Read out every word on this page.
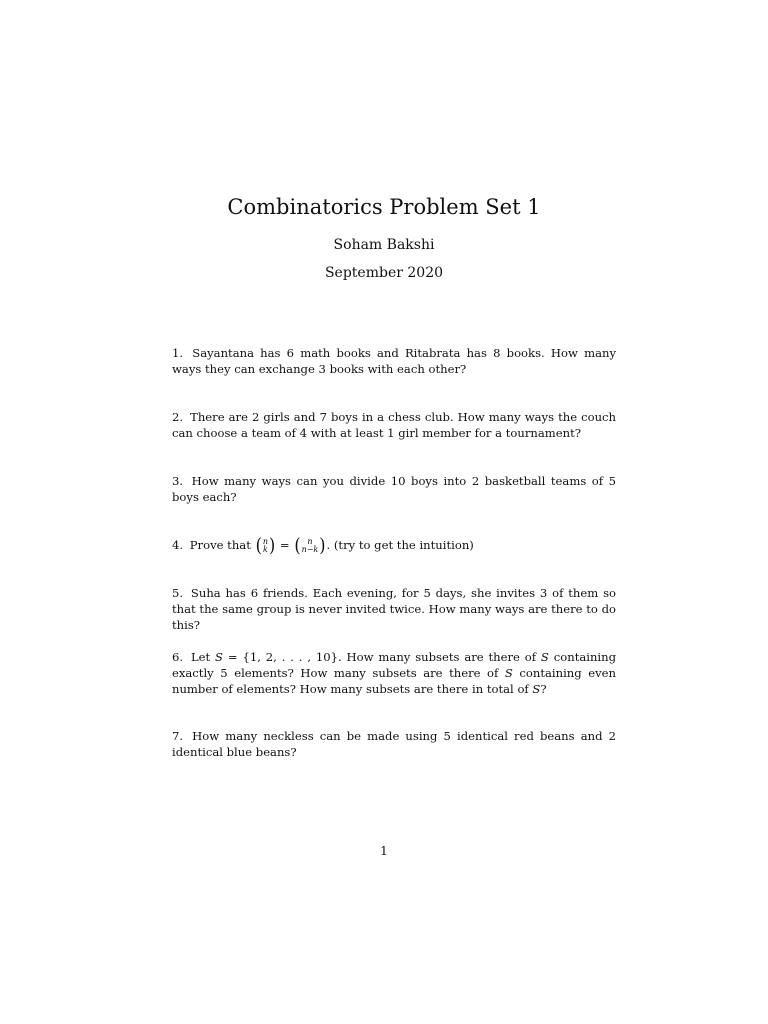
Combinatorics Problem Set 1
Soham Bakshi
September 2020

1. Sayantana has 6 math books and Ritabrata has 8 books. How many ways they can exchange 3 books with each other?

2. There are 2 girls and 7 boys in a chess club. How many ways the couch can choose a team of 4 with at least 1 girl member for a tournament?

3. How many ways can you divide 10 boys into 2 basketball teams of 5 boys each?

4. Prove that ( n
k ) = ( n
n−k ) . (try to get the intuition)

5. Suha has 6 friends. Each evening, for 5 days, she invites 3 of them so that the same group is never invited twice. How many ways are there to do this?

6. Let S = {1, 2, . . . , 10}. How many subsets are there of S containing exactly 5 elements? How many subsets are there of S containing even number of elements? How many subsets are there in total of S?

7. How many neckless can be made using 5 identical red beans and 2 identical blue beans?

1
